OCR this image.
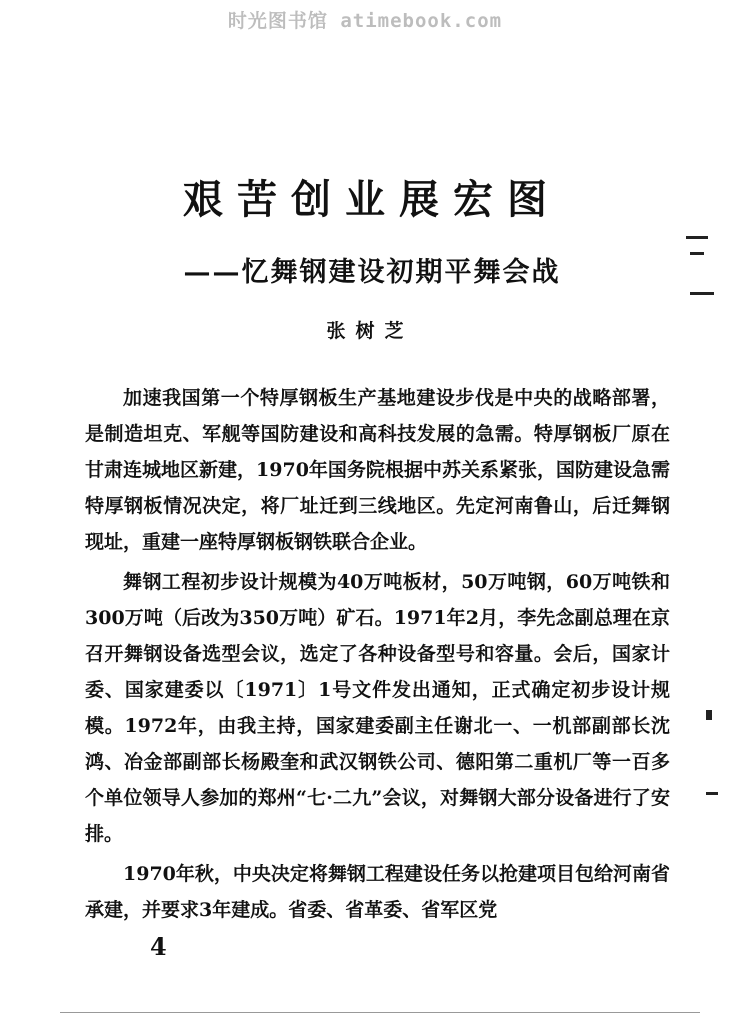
时光图书馆 atimebook.com
艰苦创业展宏图
——忆舞钢建设初期平舞会战
张树芝

加速我国第一个特厚钢板生产基地建设步伐是中央的战略部署，是制造坦克、军舰等国防建设和高科技发展的急需。特厚钢板厂原在甘肃连城地区新建，1970年国务院根据中苏关系紧张，国防建设急需特厚钢板情况决定，将厂址迁到三线地区。先定河南鲁山，后迁舞钢现址，重建一座特厚钢板钢铁联合企业。

舞钢工程初步设计规模为40万吨板材，50万吨钢，60万吨铁和300万吨（后改为350万吨）矿石。1971年2月，李先念副总理在京召开舞钢设备选型会议，选定了各种设备型号和容量。会后，国家计委、国家建委以〔1971〕1号文件发出通知，正式确定初步设计规模。1972年，由我主持，国家建委副主任谢北一、一机部副部长沈鸿、冶金部副部长杨殿奎和武汉钢铁公司、德阳第二重机厂等一百多个单位领导人参加的郑州“七·二九”会议，对舞钢大部分设备进行了安排。

1970年秋，中央决定将舞钢工程建设任务以抢建项目包给河南省承建，并要求3年建成。省委、省革委、省军区党

4
